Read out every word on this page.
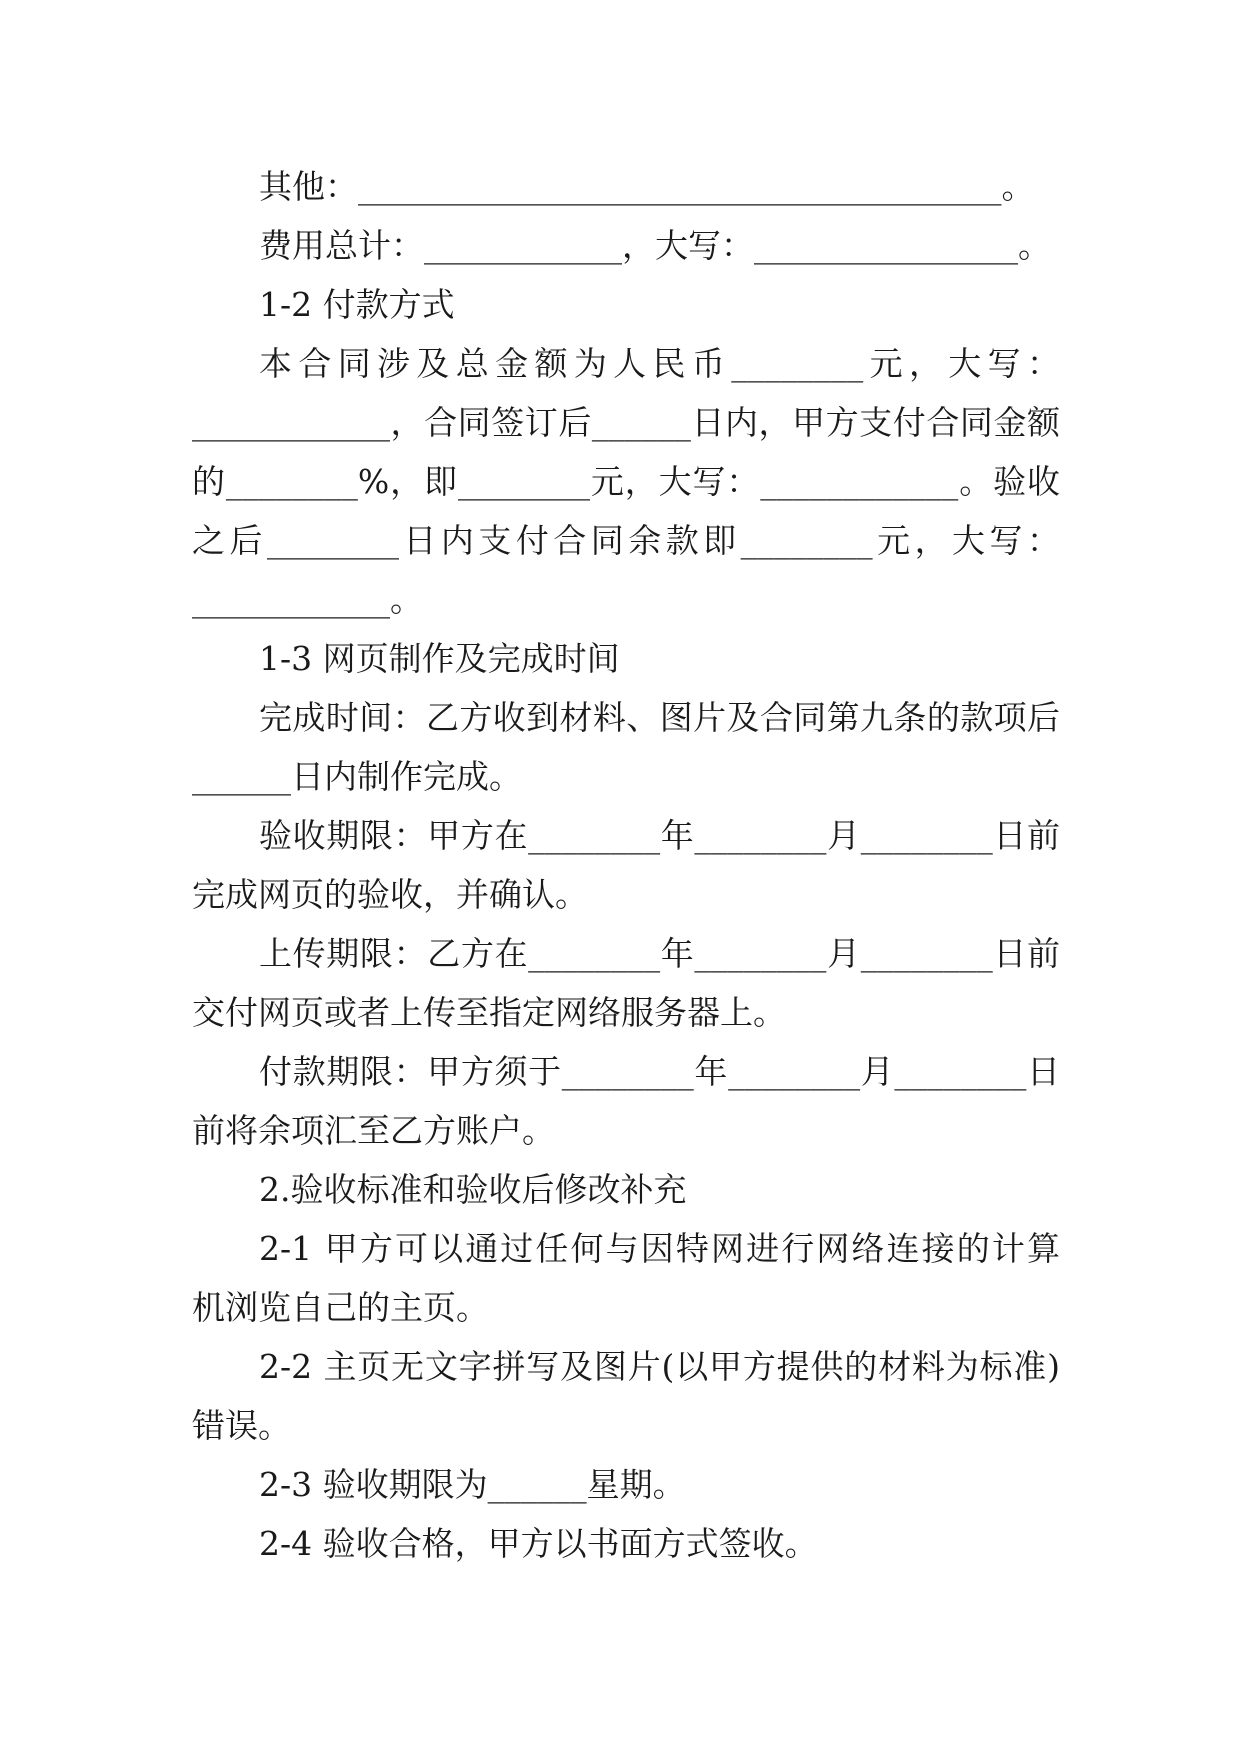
其他：_______________________________________。
费用总计：____________，大写：________________。
1-2 付款方式
本合同涉及总金额为人民币________元，大写：
____________，合同签订后______日内，甲方支付合同金额
的________%，即________元，大写：____________。验收
之后________日内支付合同余款即________元，大写：
____________。
1-3 网页制作及完成时间
完成时间：乙方收到材料、图片及合同第九条的款项后
______日内制作完成。
验收期限：甲方在________年________月________日前
完成网页的验收，并确认。
上传期限：乙方在________年________月________日前
交付网页或者上传至指定网络服务器上。
付款期限：甲方须于________年________月________日
前将余项汇至乙方账户。
2.验收标准和验收后修改补充
2-1 甲方可以通过任何与因特网进行网络连接的计算
机浏览自己的主页。
2-2 主页无文字拼写及图片(以甲方提供的材料为标准)
错误。
2-3 验收期限为______星期。
2-4 验收合格，甲方以书面方式签收。
